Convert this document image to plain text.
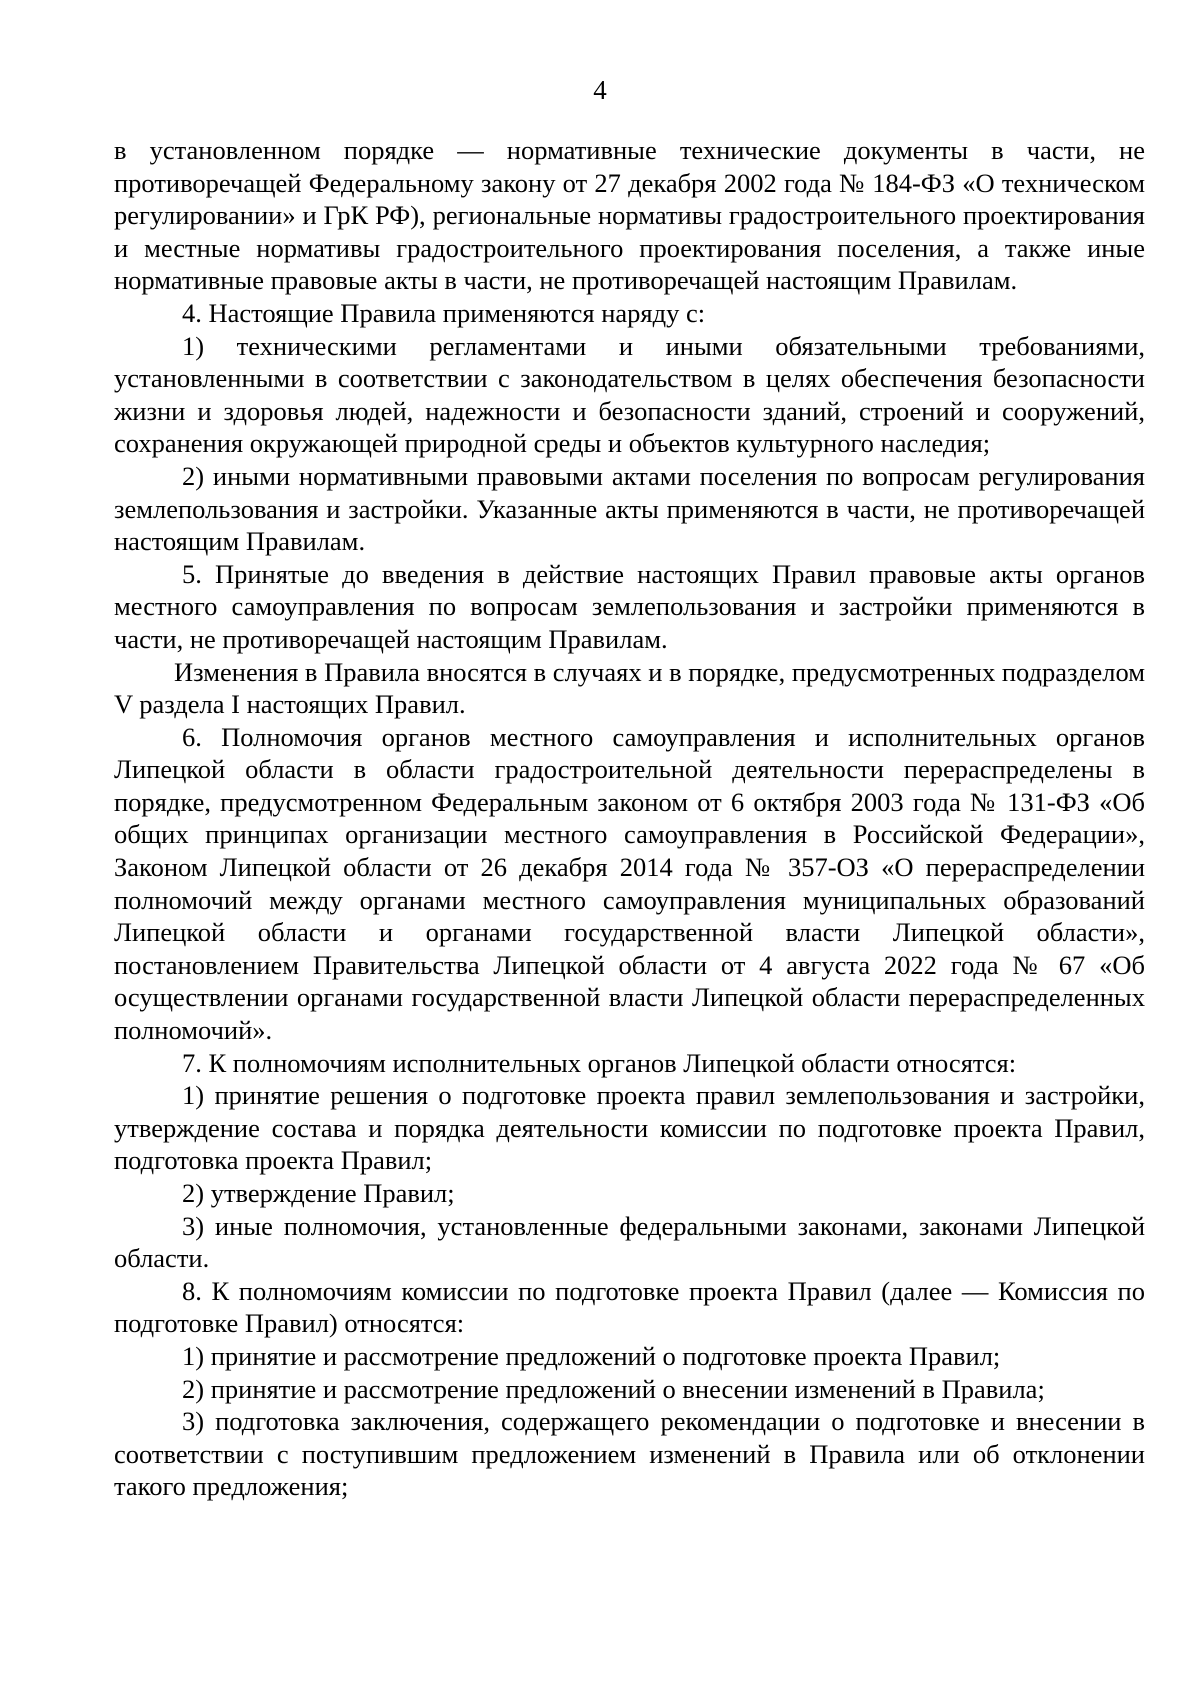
4

в установленном порядке — нормативные технические документы в части, не противоречащей Федеральному закону от 27 декабря 2002 года № 184-ФЗ «О техническом регулировании» и ГрК РФ), региональные нормативы градостроительного проектирования и местные нормативы градостроительного проектирования поселения, а также иные нормативные правовые акты в части, не противоречащей настоящим Правилам.

4. Настоящие Правила применяются наряду с:

1) техническими регламентами и иными обязательными требованиями, установленными в соответствии с законодательством в целях обеспечения безопасности жизни и здоровья людей, надежности и безопасности зданий, строений и сооружений, сохранения окружающей природной среды и объектов культурного наследия;

2) иными нормативными правовыми актами поселения по вопросам регулирования землепользования и застройки. Указанные акты применяются в части, не противоречащей настоящим Правилам.

5. Принятые до введения в действие настоящих Правил правовые акты органов местного самоуправления по вопросам землепользования и застройки применяются в части, не противоречащей настоящим Правилам.

Изменения в Правила вносятся в случаях и в порядке, предусмотренных подразделом V раздела I настоящих Правил.

6. Полномочия органов местного самоуправления и исполнительных органов Липецкой области в области градостроительной деятельности перераспределены в порядке, предусмотренном Федеральным законом от 6 октября 2003 года № 131-ФЗ «Об общих принципах организации местного самоуправления в Российской Федерации», Законом Липецкой области от 26 декабря 2014 года № 357-ОЗ «О перераспределении полномочий между органами местного самоуправления муниципальных образований Липецкой области и органами государственной власти Липецкой области», постановлением Правительства Липецкой области от 4 августа 2022 года № 67 «Об осуществлении органами государственной власти Липецкой области перераспределенных полномочий».

7. К полномочиям исполнительных органов Липецкой области относятся:

1) принятие решения о подготовке проекта правил землепользования и застройки, утверждение состава и порядка деятельности комиссии по подготовке проекта Правил, подготовка проекта Правил;

2) утверждение Правил;

3) иные полномочия, установленные федеральными законами, законами Липецкой области.

8. К полномочиям комиссии по подготовке проекта Правил (далее — Комиссия по подготовке Правил) относятся:

1) принятие и рассмотрение предложений о подготовке проекта Правил;

2) принятие и рассмотрение предложений о внесении изменений в Правила;

3) подготовка заключения, содержащего рекомендации о подготовке и внесении в соответствии с поступившим предложением изменений в Правила или об отклонении такого предложения;
